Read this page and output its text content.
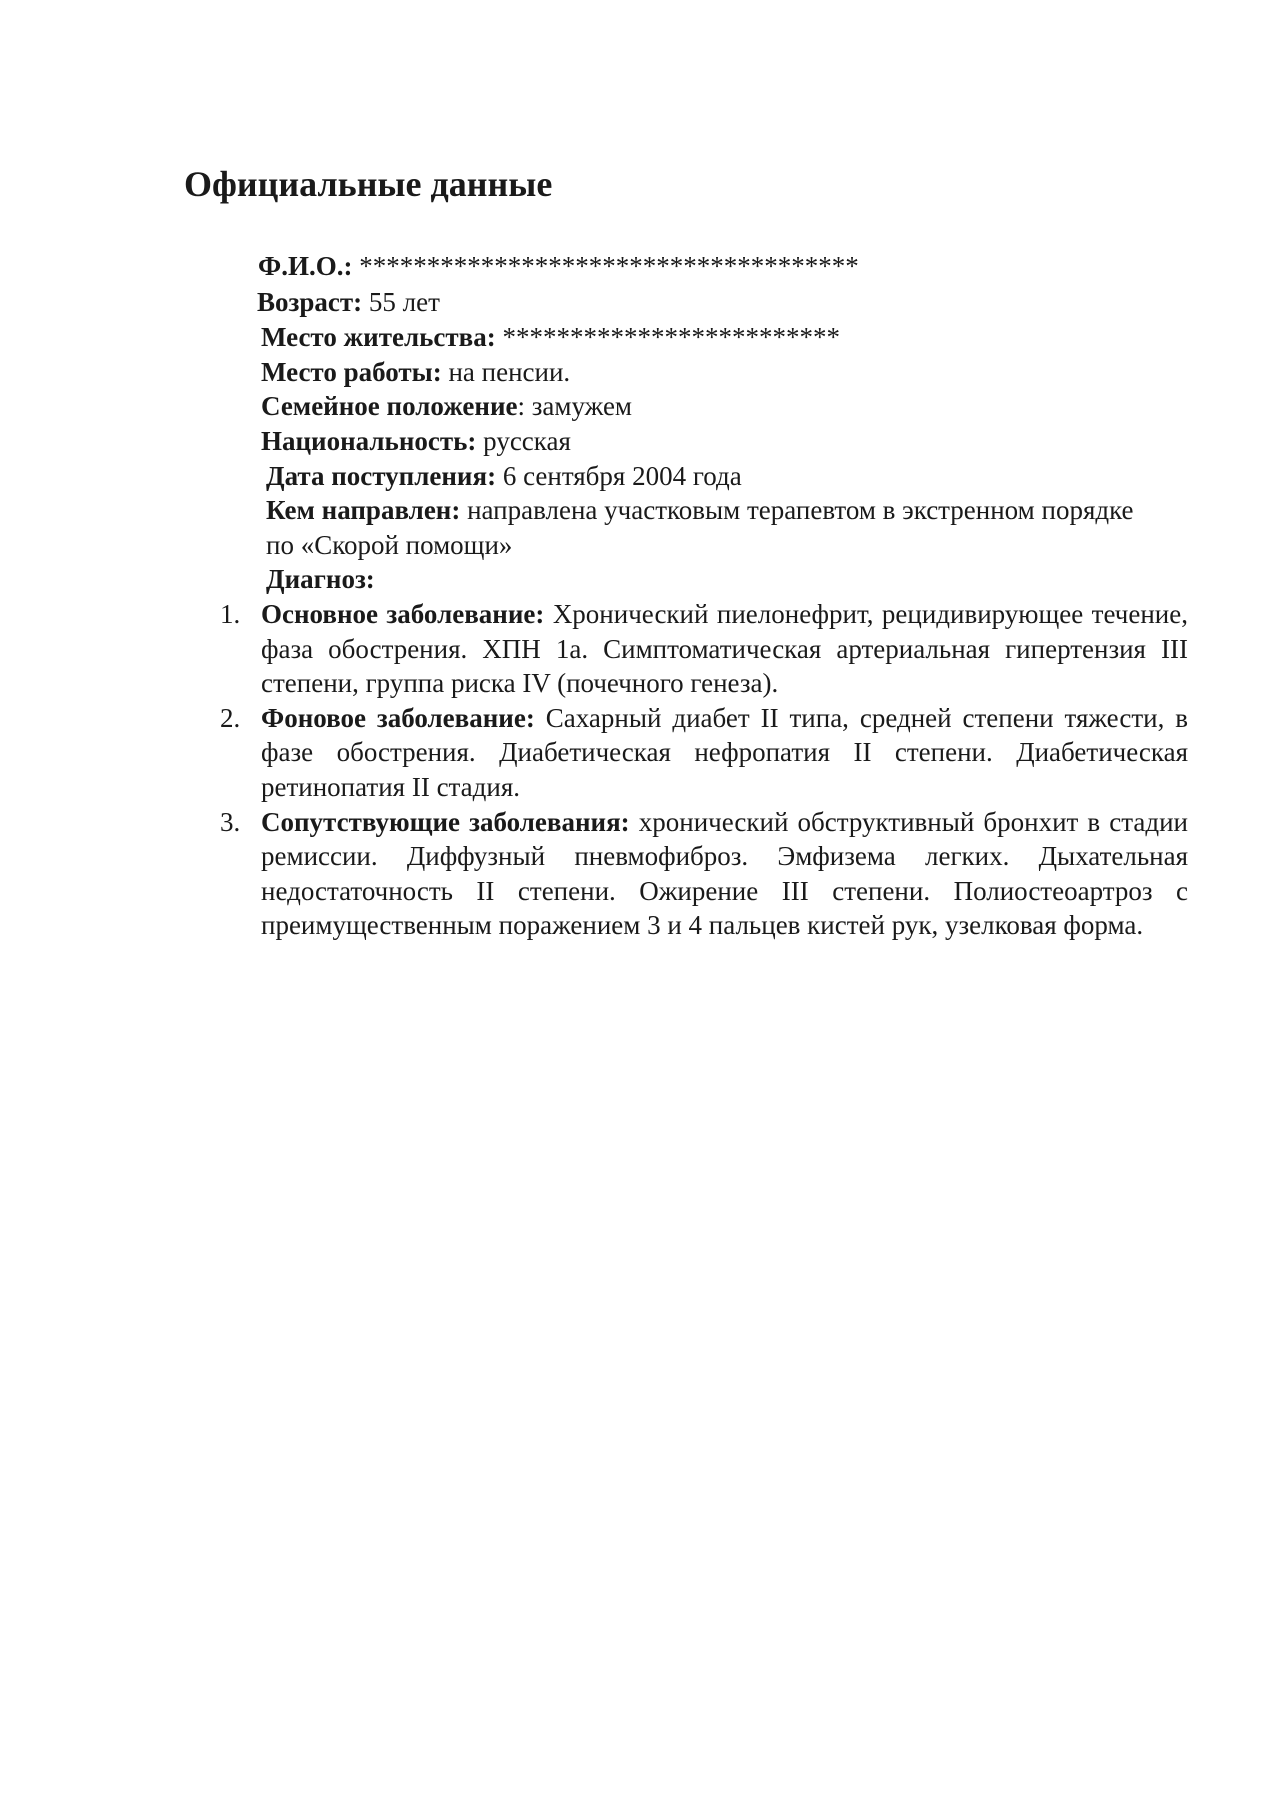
Официальные данные

Ф.И.О.: *************************************

Возраст: 55 лет

Место жительства: *************************

Место работы: на пенсии.

Семейное положение: замужем

Национальность: русская

Дата поступления: 6 сентября 2004 года

Кем направлен: направлена участковым терапевтом в экстренном порядке по «Скорой помощи»

Диагноз:

1. Основное заболевание: Хронический пиелонефрит, рецидивирующее течение, фаза обострения. ХПН 1а. Симптоматическая артериальная гипертензия III степени, группа риска IV (почечного генеза).
2. Фоновое заболевание: Сахарный диабет II типа, средней степени тяжести, в фазе обострения. Диабетическая нефропатия II степени. Диабетическая ретинопатия II стадия.
3. Сопутствующие заболевания: хронический обструктивный бронхит в стадии ремиссии. Диффузный пневмофиброз. Эмфизема легких. Дыхательная недостаточность II степени. Ожирение III степени. Полиостеоартроз с преимущественным поражением 3 и 4 пальцев кистей рук, узелковая форма.
